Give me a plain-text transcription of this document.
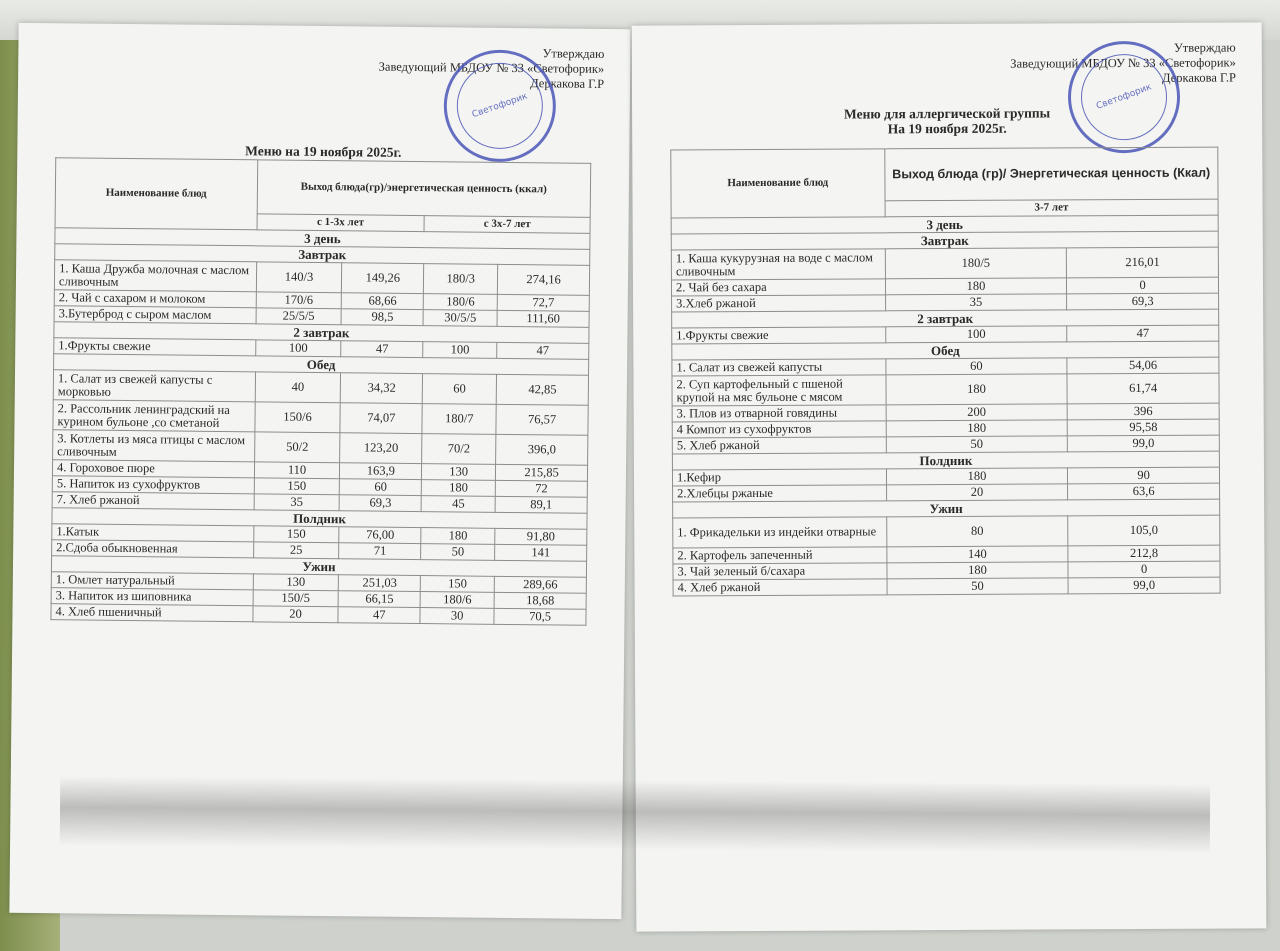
Утверждаю
Заведующий МБДОУ № 33 «Светофорик»
Деркакова Г.Р
Светофорик
Меню на 19 ноября 2025г.
Наименование блюд	Выход блюда(гр)/энергетическая ценность (ккал)			
	с 1-3х лет		с 3х-7 лет	
3 день				
Завтрак				
1. Каша Дружба молочная с маслом сливочным	140/3	149,26	180/3	274,16
2. Чай с сахаром и молоком	170/6	68,66	180/6	72,7
3.Бутерброд с сыром маслом	25/5/5	98,5	30/5/5	111,60
2 завтрак				
1.Фрукты свежие	100	47	100	47
Обед				
1. Салат из свежей капусты с морковью	40	34,32	60	42,85
2. Рассольник ленинградский на курином бульоне ,со сметаной	150/6	74,07	180/7	76,57
3. Котлеты из мяса птицы с маслом сливочным	50/2	123,20	70/2	396,0
4. Гороховое пюре	110	163,9	130	215,85
5. Напиток из сухофруктов	150	60	180	72
7. Хлеб ржаной	35	69,3	45	89,1
Полдник				
1.Катык	150	76,00	180	91,80
2.Сдоба обыкновенная	25	71	50	141
Ужин				
1. Омлет натуральный	130	251,03	150	289,66
3. Напиток из шиповника	150/5	66,15	180/6	18,68
4. Хлеб пшеничный	20	47	30	70,5
Утверждаю
Заведующий МБДОУ № 33 «Светофорик»
Деркакова Г.Р
Светофорик
Меню для аллергической группы
На 19 ноября 2025г.
Наименование блюд	Выход блюда (гр)/ Энергетическая ценность (Ккал)	
	3-7 лет	
3 день		
Завтрак		
1. Каша кукурузная на воде с маслом сливочным	180/5	216,01
2. Чай без сахара	180	0
3.Хлеб ржаной	35	69,3
2 завтрак		
1.Фрукты свежие	100	47
Обед		
1. Салат из свежей капусты	60	54,06
2. Суп картофельный с пшеной крупой на мяс бульоне с мясом	180	61,74
3. Плов из отварной говядины	200	396
4 Компот из сухофруктов	180	95,58
5. Хлеб ржаной	50	99,0
Полдник		
1.Кефир	180	90
2.Хлебцы ржаные	20	63,6
Ужин		
1. Фрикадельки из индейки отварные	80	105,0
2. Картофель запеченный	140	212,8
3. Чай зеленый б/сахара	180	0
4. Хлеб ржаной	50	99,0
